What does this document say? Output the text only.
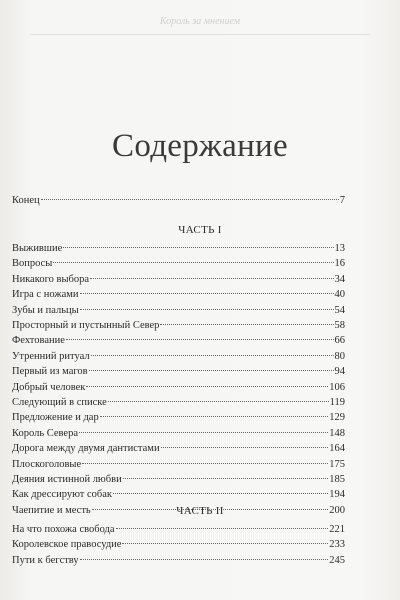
Король за мнением
Содержание
Конец	7
ЧАСТЬ I
Выжившие	13
Вопросы	16
Никакого выбора	34
Игра с ножами	40
Зубы и пальцы	54
Просторный и пустынный Север	58
Фехтование	66
Утренний ритуал	80
Первый из магов	94
Добрый человек	106
Следующий в списке	119
Предложение и дар	129
Король Севера	148
Дорога между двумя дантистами	164
Плоскоголовые	175
Деяния истинной любви	185
Как дрессируют собак	194
Чаепитие и месть	200
ЧАСТЬ II
На что похожа свобода	221
Королевское правосудие	233
Пути к бегству	245
